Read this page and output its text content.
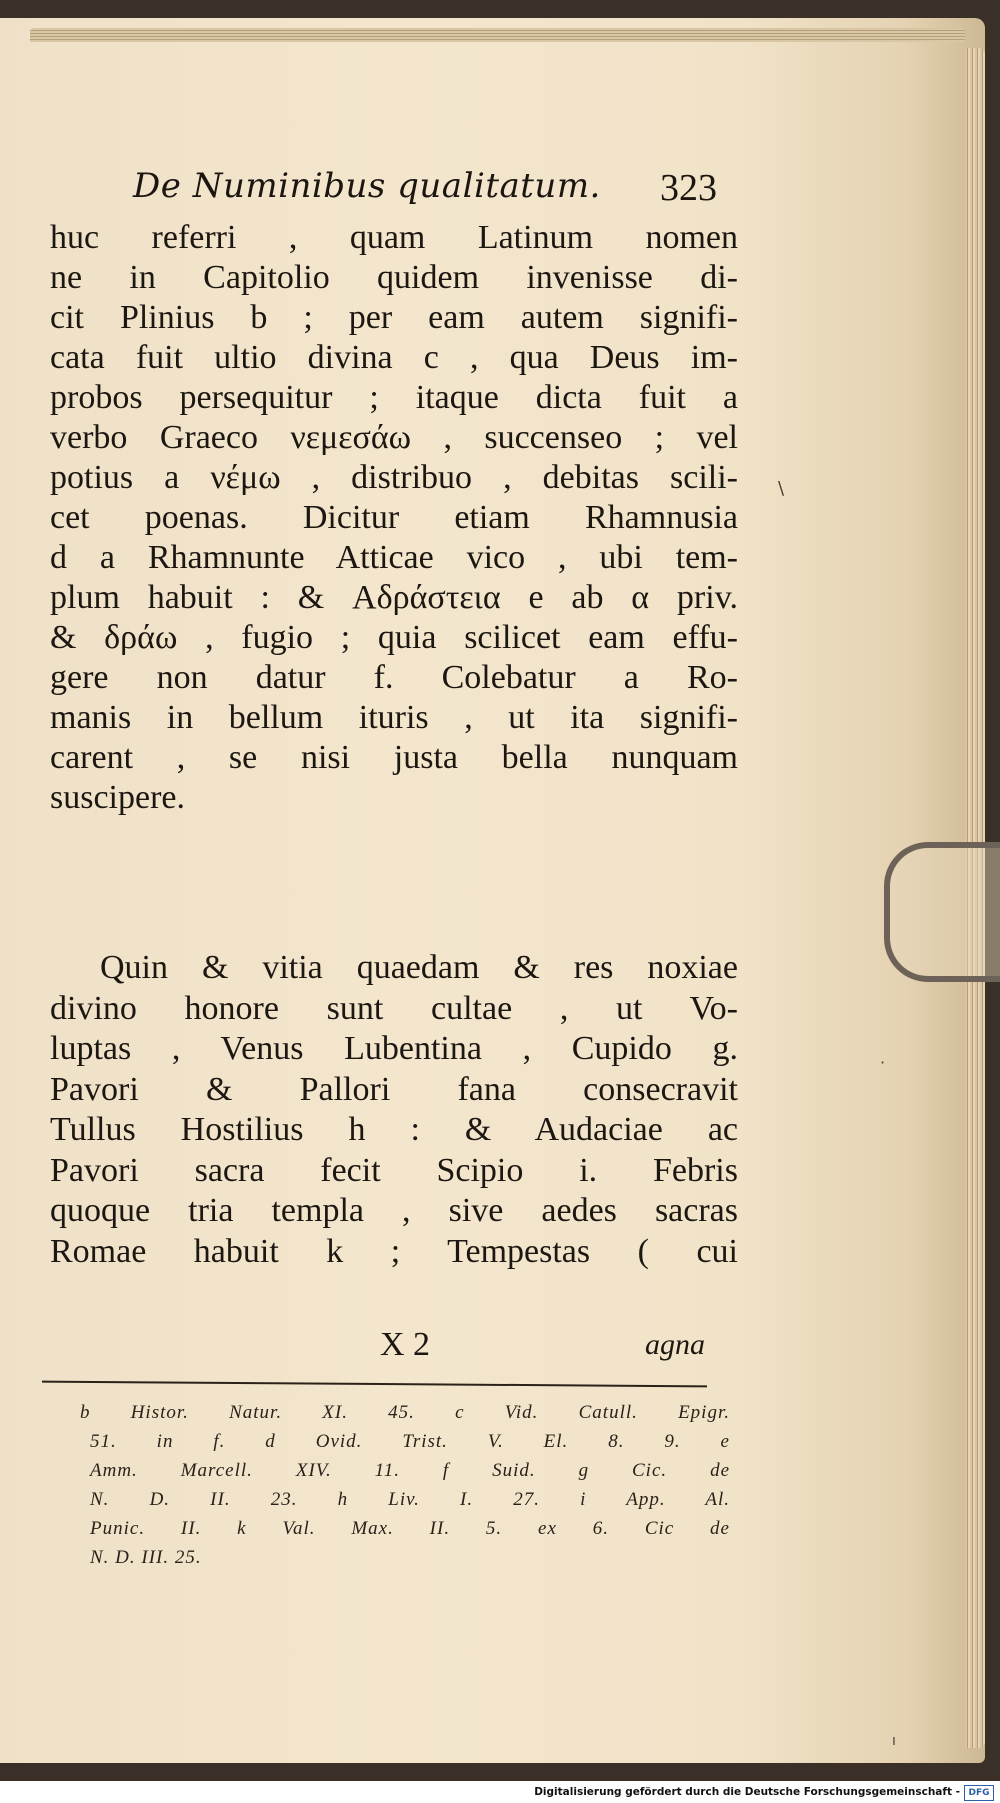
De Numinibus qualitatum.	323
huc referri , quam Latinum nomen
ne in Capitolio quidem invenisse di-
cit Plinius b ; per eam autem signifi-
cata fuit ultio divina c , qua Deus im-
probos persequitur ; itaque dicta fuit a
verbo Graeco νεμεσάω , succenseo ; vel
potius a νέμω , distribuo , debitas scili-
cet poenas. Dicitur etiam Rhamnusia
d a Rhamnunte Atticae vico , ubi tem-
plum habuit : & Αδράστεια e ab α priv.
& δράω , fugio ; quia scilicet eam effu-
gere non datur f. Colebatur a Ro-
manis in bellum ituris , ut ita signifi-
carent , se nisi justa bella nunquam
suscipere.
Quin & vitia quaedam & res noxiae
divino honore sunt cultae , ut Vo-
luptas , Venus Lubentina , Cupido g.
Pavori & Pallori fana consecravit
Tullus Hostilius h : & Audaciae ac
Pavori sacra fecit Scipio i. Febris
quoque tria templa , sive aedes sacras
Romae habuit k ; Tempestas ( cui
X 2	agna
b Histor. Natur. XI. 45. c Vid. Catull. Epigr.
51. in f. d Ovid. Trist. V. El. 8. 9. e
Amm. Marcell. XIV. 11. f Suid. g Cic. de
N. D. II. 23. h Liv. I. 27. i App. Al.
Punic. II. k Val. Max. II. 5. ex 6. Cic de
N. D. III. 25.
\
·
ı
Digitalisierung gefördert durch die Deutsche Forschungsgemeinschaft - DFG
